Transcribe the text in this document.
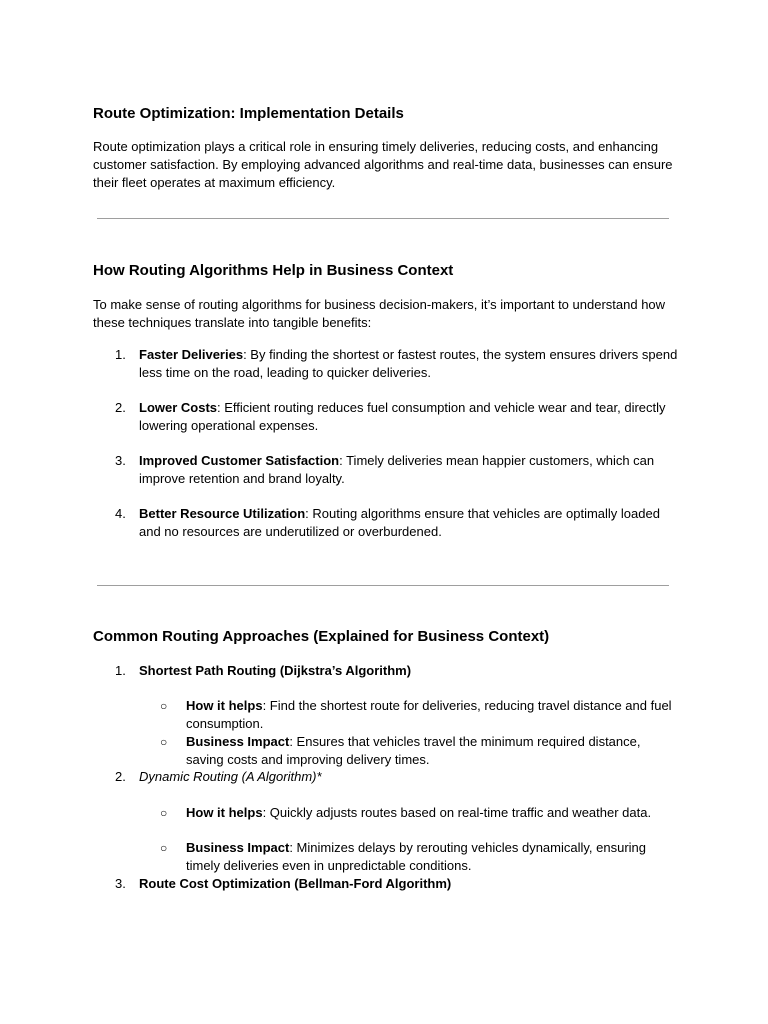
Route Optimization: Implementation Details

Route optimization plays a critical role in ensuring timely deliveries, reducing costs, and enhancing customer satisfaction. By employing advanced algorithms and real-time data, businesses can ensure their fleet operates at maximum efficiency.

How Routing Algorithms Help in Business Context

To make sense of routing algorithms for business decision-makers, it’s important to understand how these techniques translate into tangible benefits:

1. Faster Deliveries: By finding the shortest or fastest routes, the system ensures drivers spend less time on the road, leading to quicker deliveries.
2. Lower Costs: Efficient routing reduces fuel consumption and vehicle wear and tear, directly lowering operational expenses.
3. Improved Customer Satisfaction: Timely deliveries mean happier customers, which can improve retention and brand loyalty.
4. Better Resource Utilization: Routing algorithms ensure that vehicles are optimally loaded and no resources are underutilized or overburdened.
Common Routing Approaches (Explained for Business Context)
1. Shortest Path Routing (Dijkstra’s Algorithm)
○ How it helps: Find the shortest route for deliveries, reducing travel distance and fuel consumption.
○ Business Impact: Ensures that vehicles travel the minimum required distance, saving costs and improving delivery times.
2. Dynamic Routing (A Algorithm)*
○ How it helps: Quickly adjusts routes based on real-time traffic and weather data.
○ Business Impact: Minimizes delays by rerouting vehicles dynamically, ensuring timely deliveries even in unpredictable conditions.
3. Route Cost Optimization (Bellman-Ford Algorithm)
